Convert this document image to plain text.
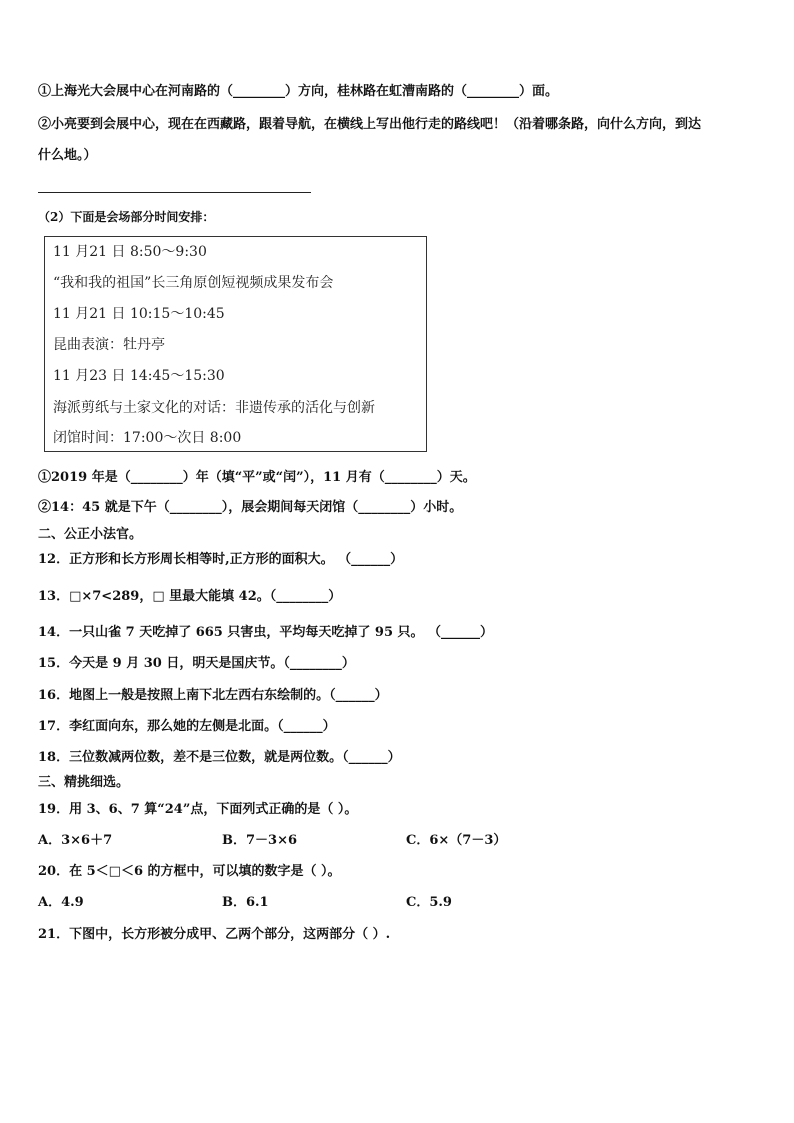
①上海光大会展中心在河南路的（________）方向，桂林路在虹漕南路的（________）面。
②小亮要到会展中心，现在在西藏路，跟着导航，在横线上写出他行走的路线吧！（沿着哪条路，向什么方向，到达
什么地。）
（2）下面是会场部分时间安排：
11 月21 日 8:50～9:30
“我和我的祖国”长三角原创短视频成果发布会
11 月21 日 10:15～10:45
昆曲表演：牡丹亭
11 月23 日 14:45～15:30
海派剪纸与土家文化的对话：非遗传承的活化与创新
闭馆时间：17:00～次日 8:00
①2019 年是（________）年（填“平”或“闰”），11 月有（________）天。
②14：45 就是下午（________），展会期间每天闭馆（________）小时。
二、公正小法官。
12．正方形和长方形周长相等时,正方形的面积大。 （______）
13．□×7<289，□ 里最大能填 42。（________）
14．一只山雀 7 天吃掉了 665 只害虫，平均每天吃掉了 95 只。 （______）
15．今天是 9 月 30 日，明天是国庆节。（________）
16．地图上一般是按照上南下北左西右东绘制的。（______）
17．李红面向东，那么她的左侧是北面。（______）
18．三位数减两位数，差不是三位数，就是两位数。（______）
三、精挑细选。
19．用 3、6、7 算“24”点，下面列式正确的是（ ）。
A．3×6＋7	B．7－3×6	C．6×（7－3）
20．在 5＜□＜6 的方框中，可以填的数字是（ ）。
A．4.9	B．6.1	C．5.9
21．下图中，长方形被分成甲、乙两个部分，这两部分（ ）.
